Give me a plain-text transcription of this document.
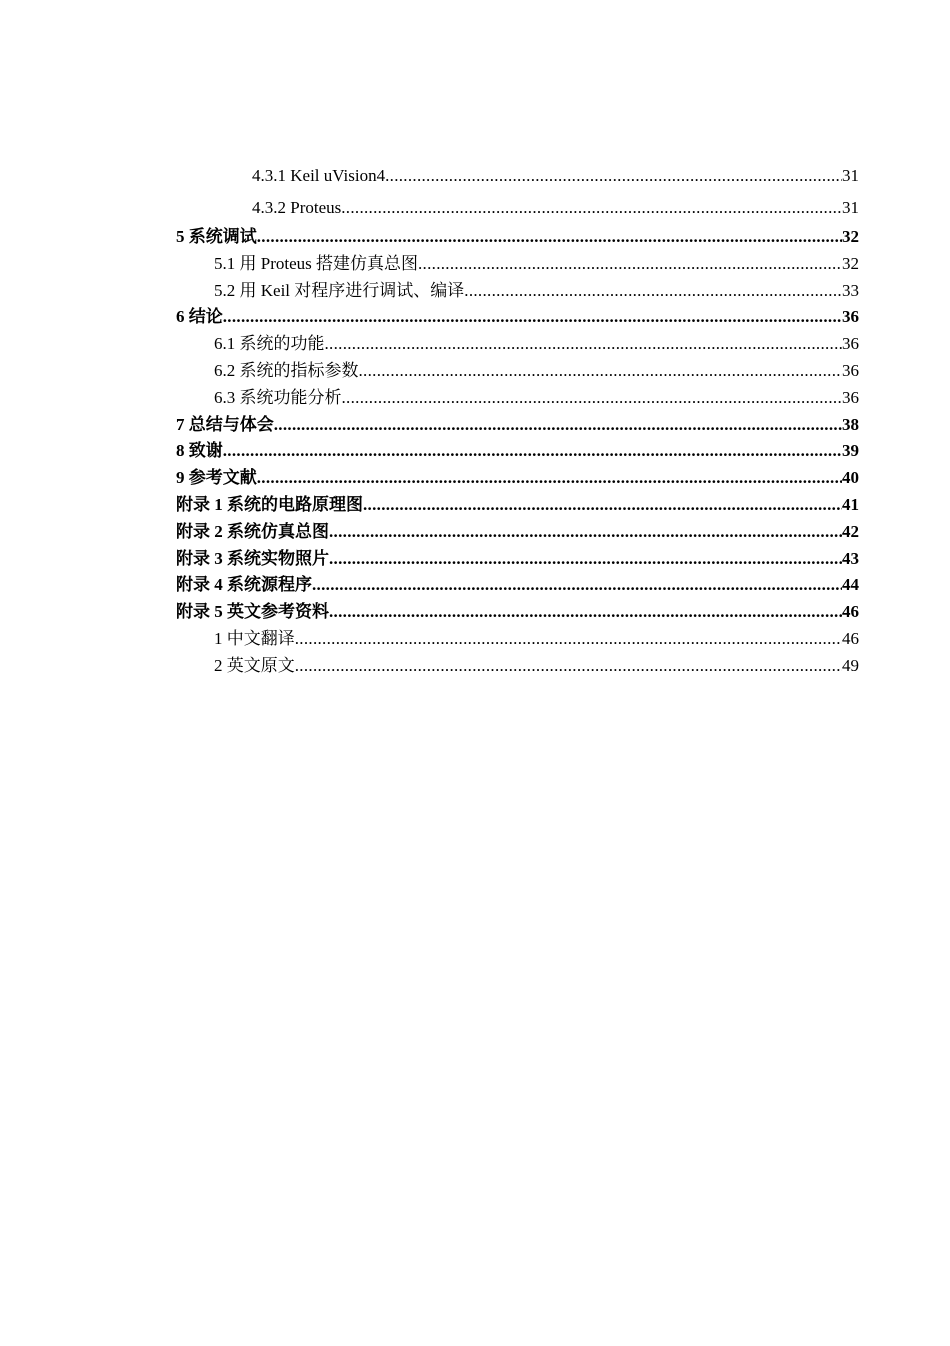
4.3.1 Keil uVision4 .....	31
4.3.2 Proteus .....	31
5 系统调试 .....	32
5.1 用 Proteus 搭建仿真总图 .....	32
5.2 用 Keil 对程序进行调试、编译 .....	33
6 结论 .....	36
6.1 系统的功能 .....	36
6.2 系统的指标参数 .....	36
6.3 系统功能分析 .....	36
7 总结与体会 .....	38
8 致谢 .....	39
9 参考文献 .....	40
附录 1 系统的电路原理图 .....	41
附录 2 系统仿真总图 .....	42
附录 3 系统实物照片 .....	43
附录 4 系统源程序 .....	44
附录 5 英文参考资料 .....	46
1 中文翻译 .....	46
2 英文原文 .....	49
